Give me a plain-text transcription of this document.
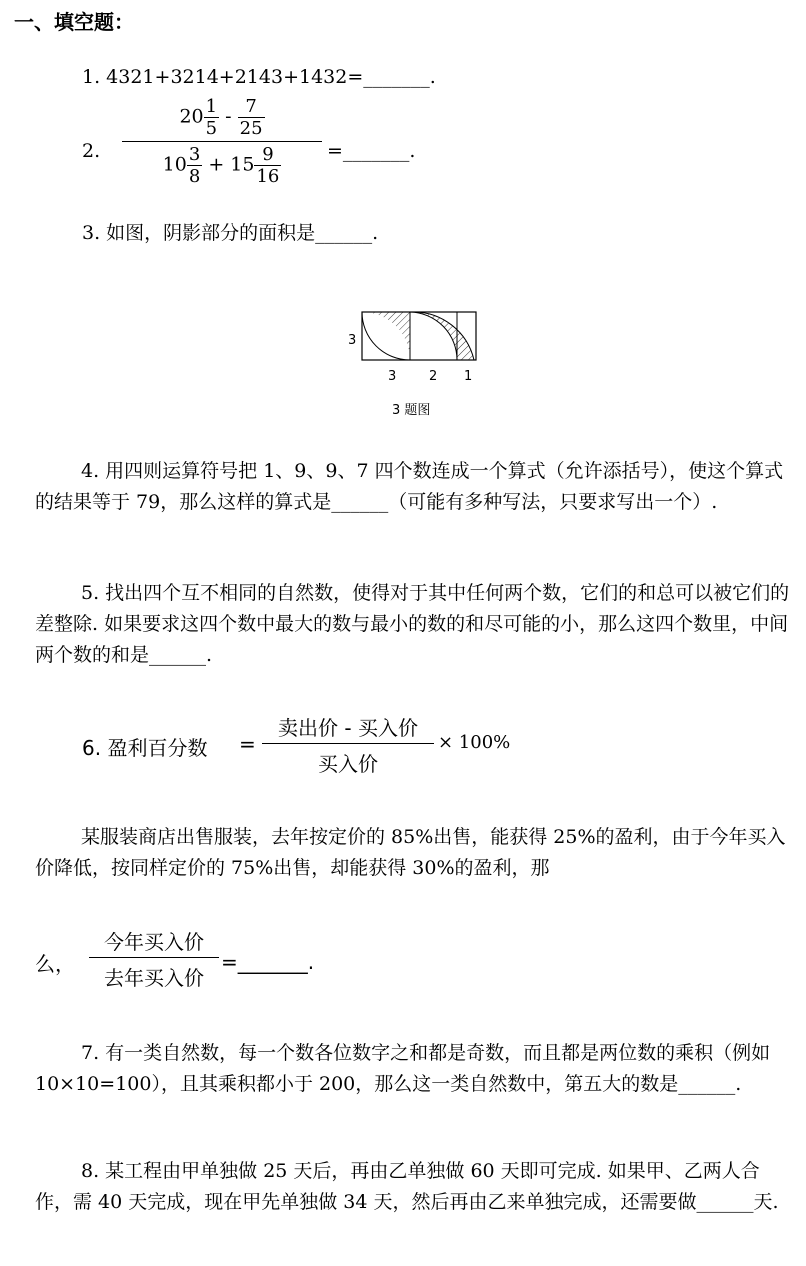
一、填空题：
1. 4321+3214+2143+1432=_______.
2. $\frac{20 \frac{1}{5} - \frac{7}{25}}{10 \frac{3}{8} + 15 \frac{9}{16}}$ =_______.
3. 如图，阴影部分的面积是______.
3
3	2 1
3 题图
4. 用四则运算符号把 1、9、9、7 四个数连成一个算式（允许添括号），使这个算式的结果等于 79，那么这样的算式是______（可能有多种写法，只要求写出一个）.
5. 找出四个互不相同的自然数，使得对于其中任何两个数，它们的和总可以被它们的差整除. 如果要求这四个数中最大的数与最小的数的和尽可能的小，那么这四个数里，中间两个数的和是______.
6. 盈利百分数 =
卖出价 - 买入价
买入价
× 100%
某服装商店出售服装，去年按定价的 85%出售，能获得 25%的盈利，由于今年买入价降低，按同样定价的 75%出售，却能获得 30%的盈利，那
么，
今年买入价
去年买入价
=_______.
7. 有一类自然数，每一个数各位数字之和都是奇数，而且都是两位数的乘积（例如 10×10=100），且其乘积都小于 200，那么这一类自然数中，第五大的数是______.
8. 某工程由甲单独做 25 天后，再由乙单独做 60 天即可完成. 如果甲、乙两人合作，需 40 天完成，现在甲先单独做 34 天，然后再由乙来单独完成，还需要做______天.
